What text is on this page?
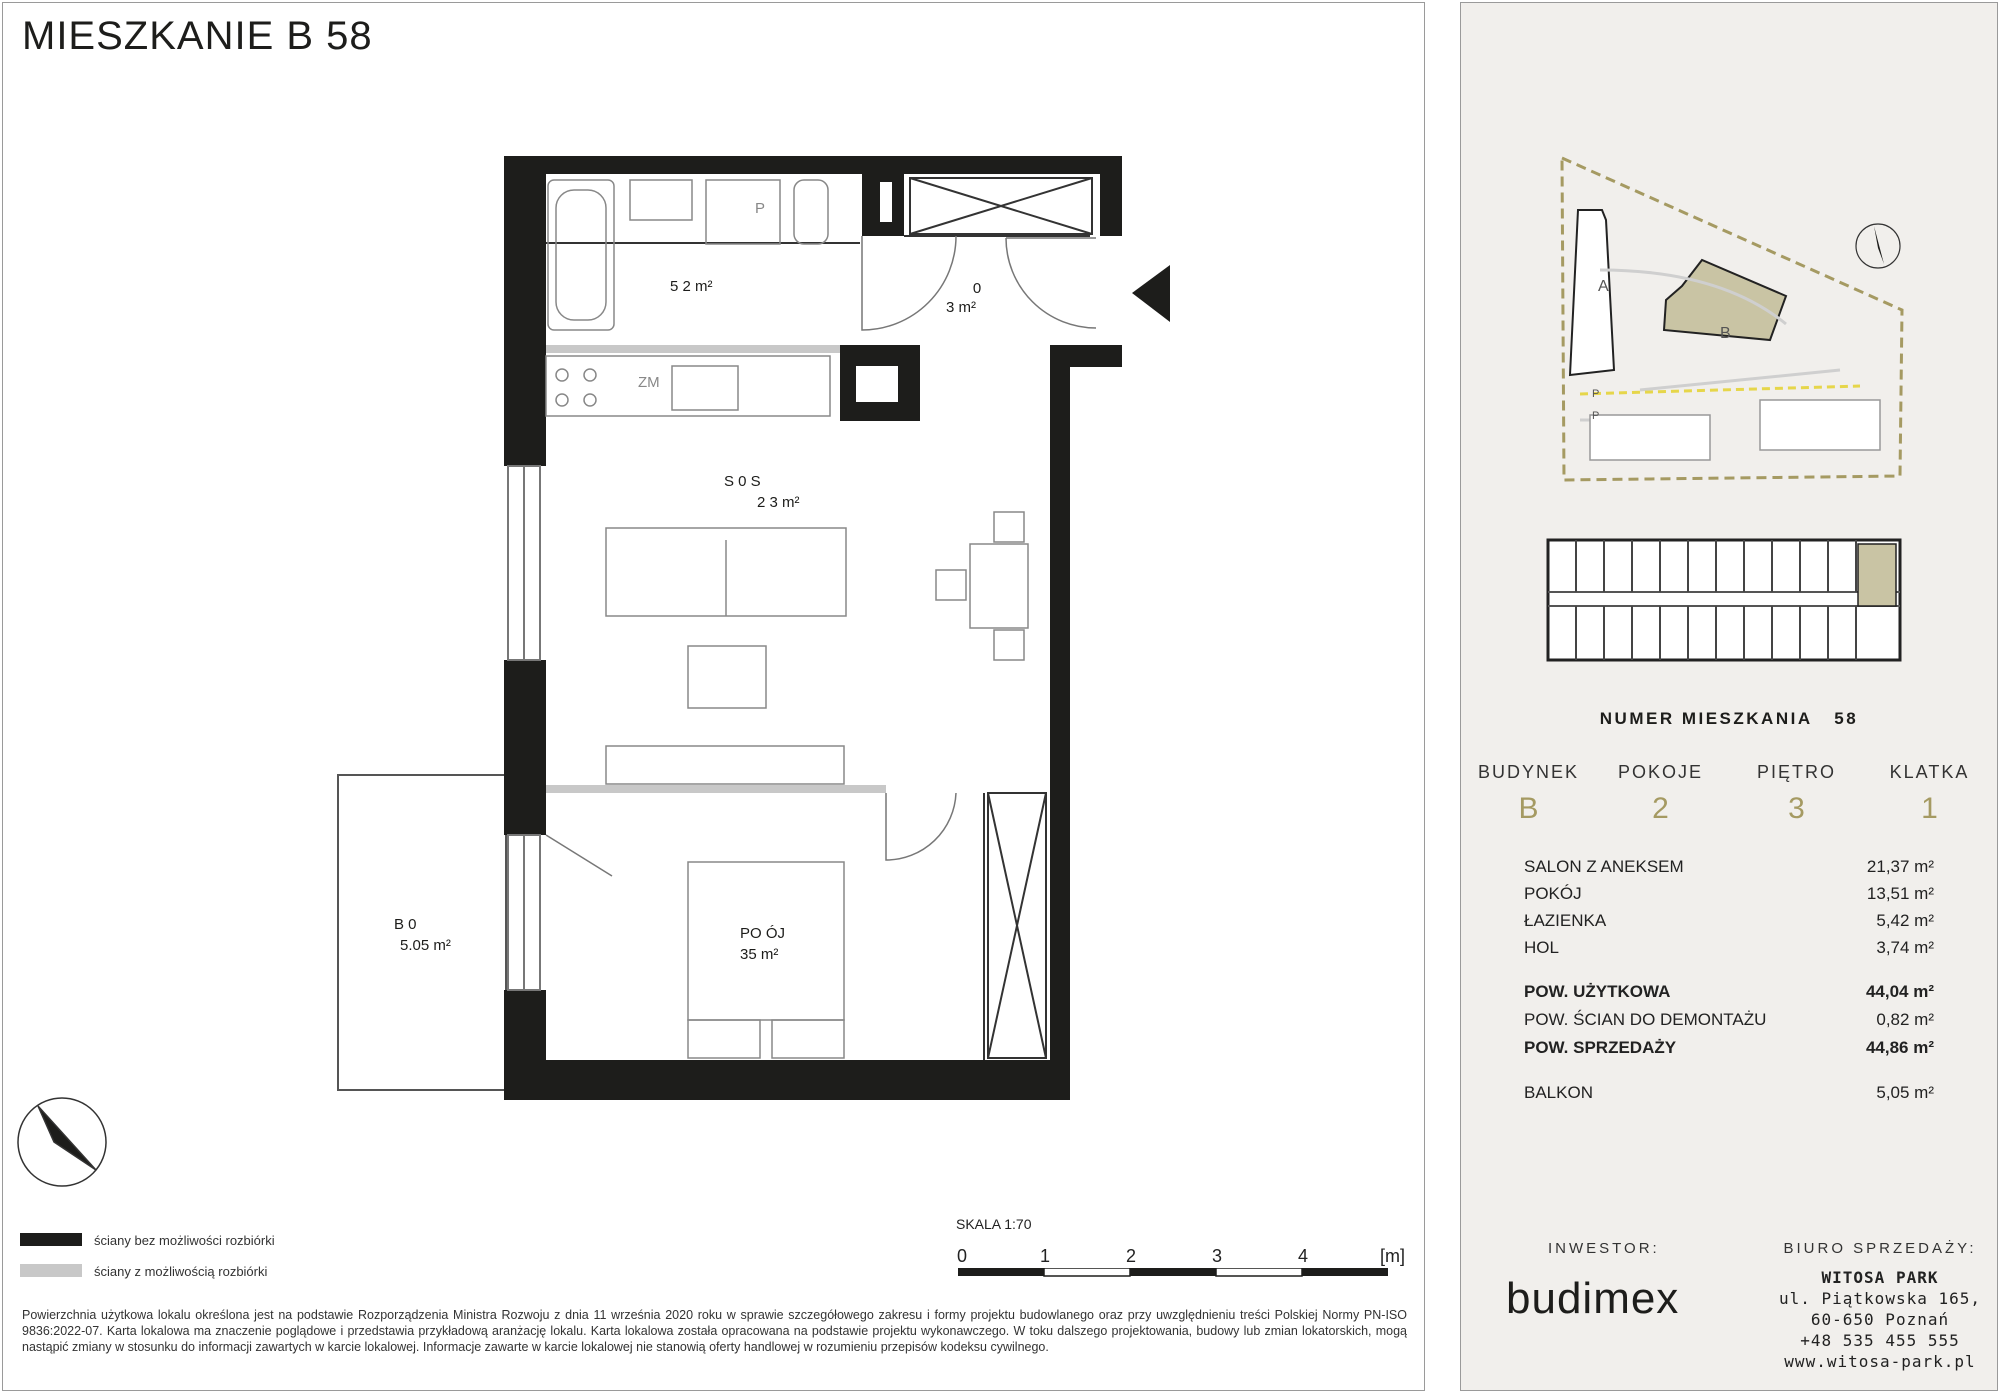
MIESZKANIE B 58
5 2 m²
P
0
3 m²
ZM
S 0 S
2 3 m²
PO ÓJ
35 m²
B 0
5.05 m²
ściany bez możliwości rozbiórki
ściany z możliwością rozbiórki
SKALA 1:70
0	1	2	3	4	[m]
Powierzchnia użytkowa lokalu określona jest na podstawie Rozporządzenia Ministra Rozwoju z dnia 11 września 2020 roku w sprawie szczegółowego zakresu i formy projektu budowlanego oraz przy uwzględnieniu treści Polskiej Normy PN-ISO 9836:2022-07. Karta lokalowa ma znaczenie poglądowe i przedstawia przykładową aranżację lokalu. Karta lokalowa została opracowana na podstawie projektu wykonawczego. W toku dalszego projektowania, budowy lub zmian lokatorskich, mogą nastąpić zmiany w stosunku do informacji zawartych w karcie lokalowej. Informacje zawarte w karcie lokalowej nie stanowią oferty handlowej w rozumieniu przepisów kodeksu cywilnego.
A
B
P
P
NUMER MIESZKANIA 58
BUDYNEK	POKOJE	PIĘTRO	KLATKA
B	2	3	1
SALON Z ANEKSEM	21,37 m²
POKÓJ	13,51 m²
ŁAZIENKA	5,42 m²
HOL	3,74 m²
POW. UŻYTKOWA	44,04 m²
POW. ŚCIAN DO DEMONTAŻU	0,82 m²
POW. SPRZEDAŻY	44,86 m²
BALKON	5,05 m²
INWESTOR:
budimex
BIURO SPRZEDAŻY:
WITOSA PARK
ul. Piątkowska 165,
60-650 Poznań
+48 535 455 555
www.witosa-park.pl
